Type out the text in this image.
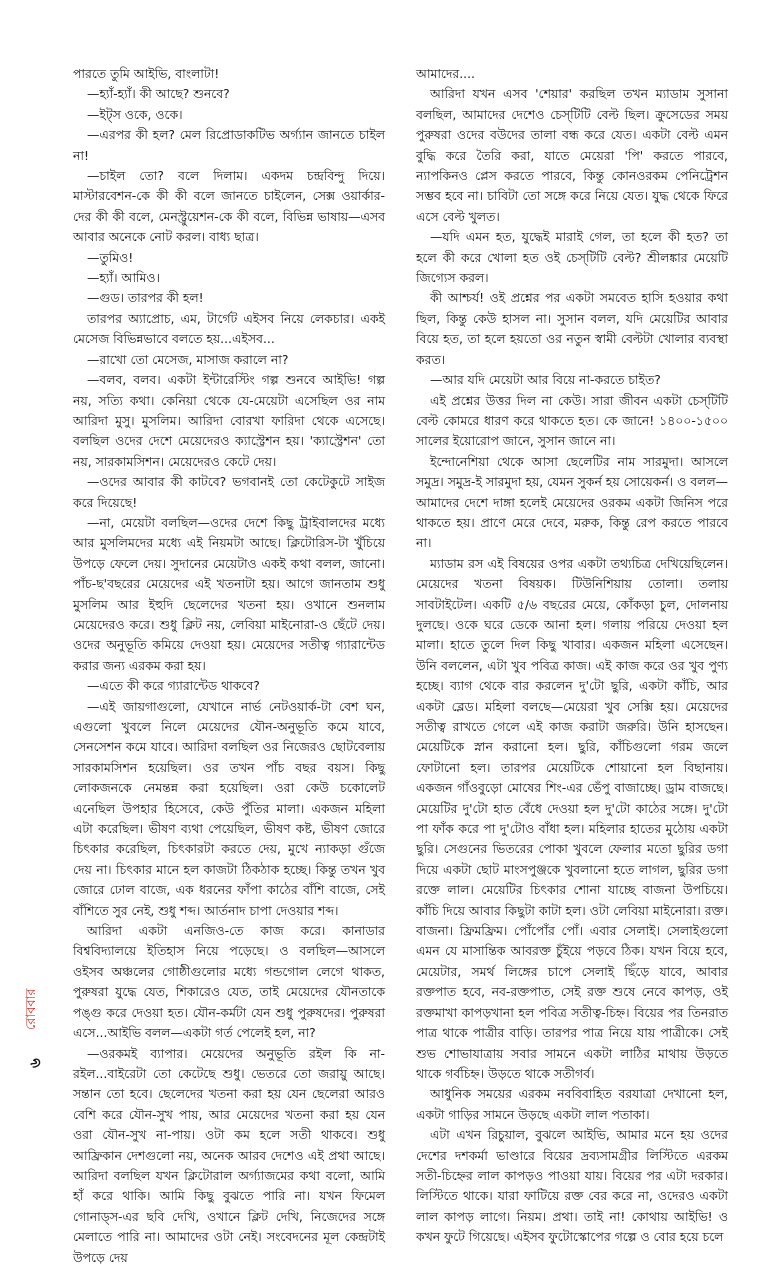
পারতে তুমি আইভি, বাংলাটা!

—হ্যাঁ-হ্যাঁ। কী আছে? শুনবে?

—ইট্‌স ওকে, ওকে।

—এরপর কী হল? মেল রিপ্রোডাকটিভ অর্গ্যান জানতে চাইল না!

—চাইল তো? বলে দিলাম। একদম চন্দ্রবিন্দু দিয়ে। মাস্টারবেশন-কে কী কী বলে জানতে চাইলেন, সেক্স ওয়ার্কার-দের কী কী বলে, মেনস্ট্রুয়েশন-কে কী বলে, বিভিন্ন ভাষায়—এসব আবার অনেকে নোট করল। বাধ্য ছাত্র।

—তুমিও!

—হ্যাঁ। আমিও।

—গুড। তারপর কী হল!

তারপর অ্যাপ্রোচ, এম, টার্গেট এইসব নিয়ে লেকচার। একই মেসেজ বিভিন্নভাবে বলতে হয়...এইসব...

—রাখো তো মেসেজ, মাসাজ করালে না?

—বলব, বলব। একটা ইন্টারেস্টিং গল্প শুনবে আইভি! গল্প নয়, সত্যি কথা। কেনিয়া থেকে যে-মেয়েটা এসেছিল ওর নাম আরিদা মুসু। মুসলিম। আরিদা বোরখা ফারিদা থেকে এসেছে। বলছিল ওদের দেশে মেয়েদেরও ক্যাস্ট্রেশন হয়। 'ক্যাস্ট্রেশন' তো নয়, সারকামসিশন। মেয়েদেরও কেটে দেয়।

—ওদের আবার কী কাটবে? ভগবানই তো কেটেকুটে সাইজ করে দিয়েছে!

—না, মেয়েটা বলছিল—ওদের দেশে কিছু ট্রাইবালদের মধ্যে আর মুসলিমদের মধ্যে এই নিয়মটা আছে। ক্লিটোরিস-টা খুঁচিয়ে উপড়ে ফেলে দেয়। সুদানের মেয়েটাও একই কথা বলল, জানো। পাঁচ-ছ'বছরের মেয়েদের এই খতনাটা হয়। আগে জানতাম শুধু মুসলিম আর ইহুদি ছেলেদের খতনা হয়। ওখানে শুনলাম মেয়েদেরও করে। শুধু ক্লিট নয়, লেবিয়া মাইনোরা-ও ছেঁটে দেয়। ওদের অনুভূতি কমিয়ে দেওয়া হয়। মেয়েদের সতীত্ব গ্যারান্টেড করার জন্য এরকম করা হয়।

—এতে কী করে গ্যারান্টেড থাকবে?

—এই জায়গাগুলো, যেখানে নার্ভ নেটওয়ার্ক-টা বেশ ঘন, এগুলো খুবলে নিলে মেয়েদের যৌন-অনুভূতি কমে যাবে, সেনসেশন কমে যাবে। আরিদা বলছিল ওর নিজেরও ছোটবেলায় সারকামসিশন হয়েছিল। ওর তখন পাঁচ বছর বয়স। কিছু লোকজনকে নেমন্তন্ন করা হয়েছিল। ওরা কেউ চকোলেট এনেছিল উপহার হিসেবে, কেউ পুঁতির মালা। একজন মহিলা এটা করেছিল। ভীষণ ব্যথা পেয়েছিল, ভীষণ কষ্ট, ভীষণ জোরে চিৎকার করেছিল, চিৎকারটা করতে দেয়, মুখে ন্যাকড়া গুঁজে দেয় না। চিৎকার মানে হল কাজটা ঠিকঠাক হচ্ছে। কিন্তু তখন খুব জোরে ঢোল বাজে, এক ধরনের ফাঁপা কাঠের বাঁশি বাজে, সেই বাঁশিতে সুর নেই, শুধু শব্দ। আর্তনাদ চাপা দেওয়ার শব্দ।

আরিদা একটা এনজিও-তে কাজ করে। কানাডার বিশ্ববিদ্যালয়ে ইতিহাস নিয়ে পড়েছে। ও বলছিল—আসলে ওইসব অঞ্চলের গোষ্ঠীগুলোর মধ্যে গন্ডগোল লেগে থাকত, পুরুষরা যুদ্ধে যেত, শিকারেও যেত, তাই মেয়েদের যৌনতাকে পঙ্গু করে দেওয়া হত। যৌন-কর্মটা যেন শুধু পুরুষদের। পুরুষরা এসে...আইভি বলল—একটা গর্ত পেলেই হল, না?

—ওরকমই ব্যাপার। মেয়েদের অনুভূতি রইল কি না-রইল...বাইরেটা তো কেটেছে শুধু। ভেতরে তো জরায়ু আছে। সন্তান তো হবে। ছেলেদের খতনা করা হয় যেন ছেলেরা আরও বেশি করে যৌন-সুখ পায়, আর মেয়েদের খতনা করা হয় যেন ওরা যৌন-সুখ না-পায়। ওটা কম হলে সতী থাকবে। শুধু আফ্রিকান দেশগুলো নয়, অনেক আরব দেশেও এই প্রথা আছে। আরিদা বলছিল যখন ক্লিটোরাল অর্গ্যাজমের কথা বলো, আমি হাঁ করে থাকি। আমি কিছু বুঝতে পারি না। যখন ফিমেল গোনাড্‌স-এর ছবি দেখি, ওখানে ক্লিট দেখি, নিজেদের সঙ্গে মেলাতে পারি না। আমাদের ওটা নেই। সংবেদনের মূল কেন্দ্রটাই উপড়ে দেয়

আমাদের....

আরিদা যখন এসব 'শেয়ার' করছিল তখন ম্যাডাম সুসানা বলছিল, আমাদের দেশেও চেস্‌টিটি বেল্ট ছিল। ক্রুসেডের সময় পুরুষরা ওদের বউদের তালা বন্ধ করে যেত। একটা বেল্ট এমন বুদ্ধি করে তৈরি করা, যাতে মেয়েরা 'পি' করতে পারবে, ন্যাপকিনও প্লেস করতে পারবে, কিন্তু কোনওরকম পেনিট্রেশন সম্ভব হবে না। চাবিটা তো সঙ্গে করে নিয়ে যেত। যুদ্ধ থেকে ফিরে এসে বেল্ট খুলত।

—যদি এমন হত, যুদ্ধেই মারাই গেল, তা হলে কী হত? তা হলে কী করে খোলা হত ওই চেস্‌টিটি বেল্ট? শ্রীলঙ্কার মেয়েটি জিগ্যেস করল।

কী আশ্চর্য! ওই প্রশ্নের পর একটা সমবেত হাসি হওয়ার কথা ছিল, কিন্তু কেউ হাসল না। সুসান বলল, যদি মেয়েটির আবার বিয়ে হত, তা হলে হয়তো ওর নতুন স্বামী বেল্টটা খোলার ব্যবস্থা করত।

—আর যদি মেয়েটা আর বিয়ে না-করতে চাইত?

এই প্রশ্নের উত্তর দিল না কেউ। সারা জীবন একটা চেস্‌টিটি বেল্ট কোমরে ধারণ করে থাকতে হত। কে জানে! ১৪০০-১৫০০ সালের ইয়োরোপ জানে, সুসান জানে না।

ইন্দোনেশিয়া থেকে আসা ছেলেটির নাম সারমুদা। আসলে সমুদ্র। সমুদ্র-ই সারমুদা হয়, যেমন সুকর্ন হয় সোয়েকর্ন। ও বলল—আমাদের দেশে দাঙ্গা হলেই মেয়েদের ওরকম একটা জিনিস পরে থাকতে হয়। প্রাণে মেরে দেবে, মরুক, কিন্তু রেপ করতে পারবে না।

ম্যাডাম রস এই বিষয়ের ওপর একটা তথ্যচিত্র দেখিয়েছিলেন। মেয়েদের খতনা বিষয়ক। টিউনিশিয়ায় তোলা। তলায় সাবটাইটেল। একটি ৫/৬ বছরের মেয়ে, কোঁকড়া চুল, দোলনায় দুলছে। ওকে ঘরে ডেকে আনা হল। গলায় পরিয়ে দেওয়া হল মালা। হাতে তুলে দিল কিছু খাবার। একজন মহিলা এসেছেন। উনি বললেন, এটা খুব পবিত্র কাজ। এই কাজ করে ওর খুব পুণ্য হচ্ছে। ব্যাগ থেকে বার করলেন দু'টো ছুরি, একটা কাঁচি, আর একটা ব্লেড। মহিলা বলছে—মেয়েরা খুব সেক্সি হয়। মেয়েদের সতীত্ব রাখতে গেলে এই কাজ করাটা জরুরি। উনি হাসছেন। মেয়েটিকে স্নান করানো হল। ছুরি, কাঁচিগুলো গরম জলে ফোটানো হল। তারপর মেয়েটিকে শোয়ানো হল বিছানায়। একজন গাঁওবুড়ো মোষের শিং-এর ভেঁপু বাজাচ্ছে। ড্রাম বাজছে। মেয়েটির দু'টো হাত বেঁধে দেওয়া হল দু'টো কাঠের সঙ্গে। দু'টো পা ফাঁক করে পা দু'টোও বাঁধা হল। মহিলার হাতের মুঠোয় একটা ছুরি। সেগুনের ভিতরের পোকা খুবলে ফেলার মতো ছুরির ডগা দিয়ে একটা ছোট মাংসপুঞ্জকে খুবলানো হতে লাগল, ছুরির ডগা রক্তে লাল। মেয়েটির চিৎকার শোনা যাচ্ছে বাজনা উপচিয়ে। কাঁচি দিয়ে আবার কিছুটা কাটা হল। ওটা লেবিয়া মাইনোরা। রক্ত। বাজনা। ফ্রিমফ্রিম। পোঁপোঁর পোঁ। এবার সেলাই। সেলাইগুলো এমন যে মাসান্তিক আবরক্ত চুঁইয়ে পড়বে ঠিক। যখন বিয়ে হবে, মেয়েটার, সমর্থ লিঙ্গের চাপে সেলাই ছিঁড়ে যাবে, আবার রক্তপাত হবে, নব-রক্তপাত, সেই রক্ত শুষে নেবে কাপড়, ওই রক্তমাখা কাপড়খানা হল পবিত্র সতীত্ব-চিহ্ন। বিয়ের পর তিনরাত পাত্র থাকে পাত্রীর বাড়ি। তারপর পাত্র নিয়ে যায় পাত্রীকে। সেই শুভ শোভাযাত্রায় সবার সামনে একটা লাঠির মাথায় উড়তে থাকে গর্বচিহ্ন। উড়তে থাকে সতীগর্ব।

আধুনিক সময়ের এরকম নববিবাহিত বরযাত্রা দেখানো হল, একটা গাড়ির সামনে উড়ছে একটা লাল পতাকা।

এটা এখন রিচুয়াল, বুঝলে আইভি, আমার মনে হয় ওদের দেশের দশকর্মা ভাণ্ডারে বিয়ের দ্রব্যসামগ্রীর লিস্টিতে এরকম সতী-চিহ্নের লাল কাপড়ও পাওয়া যায়। বিয়ের পর এটা দরকার। লিস্টিতে থাকে। যারা ফাটিয়ে রক্ত বের করে না, ওদেরও একটা লাল কাপড় লাগে। নিয়ম। প্রথা। তাই না! কোথায় আইভি! ও কখন ফুটে গিয়েছে। এইসব ফুটোস্কোপের গল্পে ও বোর হয়ে চলে

রোববার
৬
